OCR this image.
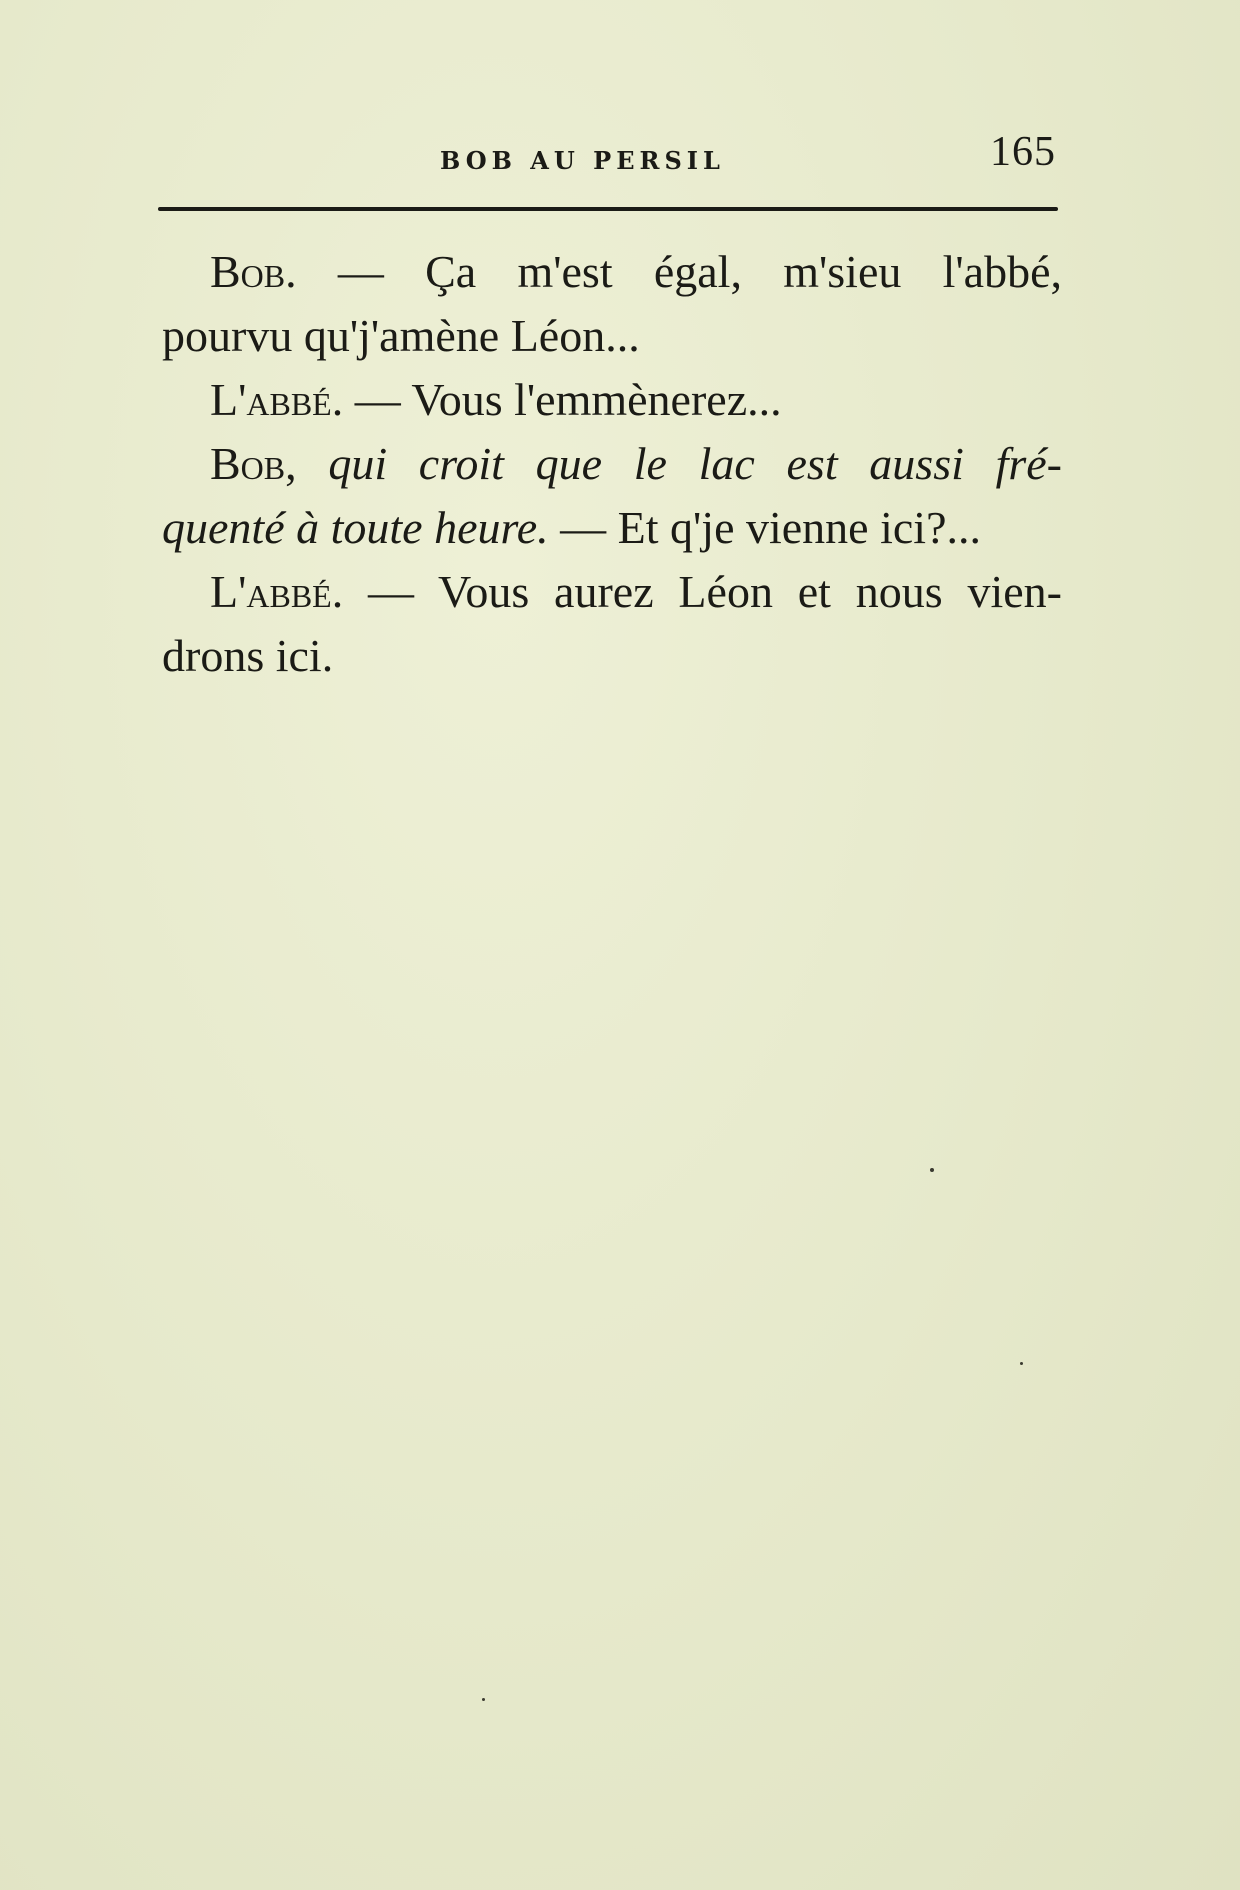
BOB AU PERSIL	165
Bob. — Ça m'est égal, m'sieu l'abbé,
pourvu qu'j'amène Léon...
L'abbé. — Vous l'emmènerez...
Bob, qui croit que le lac est aussi fré-
quenté à toute heure. — Et q'je vienne ici?...
L'abbé. — Vous aurez Léon et nous vien-
drons ici.
